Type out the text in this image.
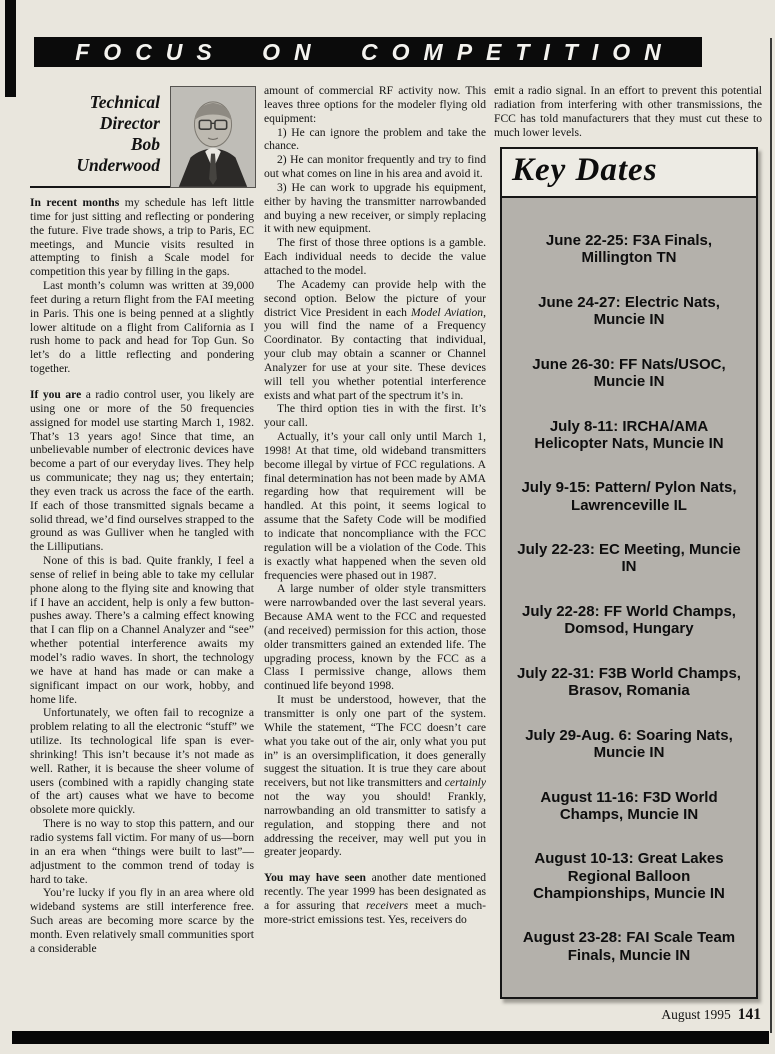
FOCUS ON COMPETITION
Technical
Director
Bob
Underwood

In recent months my schedule has left little time for just sitting and reflecting or pondering the future. Five trade shows, a trip to Paris, EC meetings, and Muncie visits resulted in attempting to finish a Scale model for competition this year by filling in the gaps.

Last month’s column was written at 39,000 feet during a return flight from the FAI meeting in Paris. This one is being penned at a slightly lower altitude on a flight from California as I rush home to pack and head for Top Gun. So let’s do a little reflecting and pondering together.

If you are a radio control user, you likely are using one or more of the 50 frequencies assigned for model use starting March 1, 1982. That’s 13 years ago! Since that time, an unbelievable number of electronic devices have become a part of our everyday lives. They help us communicate; they nag us; they entertain; they even track us across the face of the earth. If each of those transmitted signals became a solid thread, we’d find ourselves strapped to the ground as was Gulliver when he tangled with the Lilliputians.

None of this is bad. Quite frankly, I feel a sense of relief in being able to take my cellular phone along to the flying site and knowing that if I have an accident, help is only a few button-pushes away. There’s a calming effect knowing that I can flip on a Channel Analyzer and “see” whether potential interference awaits my model’s radio waves. In short, the technology we have at hand has made or can make a significant impact on our work, hobby, and home life.

Unfortunately, we often fail to recognize a problem relating to all the electronic “stuff” we utilize. Its technological life span is ever-shrinking! This isn’t because it’s not made as well. Rather, it is because the sheer volume of users (combined with a rapidly changing state of the art) causes what we have to become obsolete more quickly.

There is no way to stop this pattern, and our radio systems fall victim. For many of us—born in an era when “things were built to last”—adjustment to the common trend of today is hard to take.

You’re lucky if you fly in an area where old wideband systems are still interference free. Such areas are becoming more scarce by the month. Even relatively small communities sport a considerable

amount of commercial RF activity now. This leaves three options for the modeler flying old equipment:

1) He can ignore the problem and take the chance.

2) He can monitor frequently and try to find out what comes on line in his area and avoid it.

3) He can work to upgrade his equipment, either by having the transmitter narrowbanded and buying a new receiver, or simply replacing it with new equipment.

The first of those three options is a gamble. Each individual needs to decide the value attached to the model.

The Academy can provide help with the second option. Below the picture of your district Vice President in each Model Aviation, you will find the name of a Frequency Coordinator. By contacting that individual, your club may obtain a scanner or Channel Analyzer for use at your site. These devices will tell you whether potential interference exists and what part of the spectrum it’s in.

The third option ties in with the first. It’s your call.

Actually, it’s your call only until March 1, 1998! At that time, old wideband transmitters become illegal by virtue of FCC regulations. A final determination has not been made by AMA regarding how that requirement will be handled. At this point, it seems logical to assume that the Safety Code will be modified to indicate that noncompliance with the FCC regulation will be a violation of the Code. This is exactly what happened when the seven old frequencies were phased out in 1987.

A large number of older style transmitters were narrowbanded over the last several years. Because AMA went to the FCC and requested (and received) permission for this action, those older transmitters gained an extended life. The upgrading process, known by the FCC as a Class I permissive change, allows them continued life beyond 1998.

It must be understood, however, that the transmitter is only one part of the system. While the statement, “The FCC doesn’t care what you take out of the air, only what you put in” is an oversimplification, it does generally suggest the situation. It is true they care about receivers, but not like transmitters and certainly not the way you should! Frankly, narrowbanding an old transmitter to satisfy a regulation, and stopping there and not addressing the receiver, may well put you in greater jeopardy.

You may have seen another date mentioned recently. The year 1999 has been designated as a for assuring that receivers meet a much-more-strict emissions test. Yes, receivers do

emit a radio signal. In an effort to prevent this potential radiation from interfering with other transmissions, the FCC has told manufacturers that they must cut these to much lower levels.

Key Dates
June 22-25: F3A Finals, Millington TN
June 24-27: Electric Nats, Muncie IN
June 26-30: FF Nats/USOC, Muncie IN
July 8-11: IRCHA/AMA Helicopter Nats, Muncie IN
July 9-15: Pattern/ Pylon Nats, Lawrenceville IL
July 22-23: EC Meeting, Muncie IN
July 22-28: FF World Champs, Domsod, Hungary
July 22-31: F3B World Champs, Brasov, Romania
July 29-Aug. 6: Soaring Nats, Muncie IN
August 11-16: F3D World Champs, Muncie IN
August 10-13: Great Lakes Regional Balloon Championships, Muncie IN
August 23-28: FAI Scale Team Finals, Muncie IN
August 1995 141
